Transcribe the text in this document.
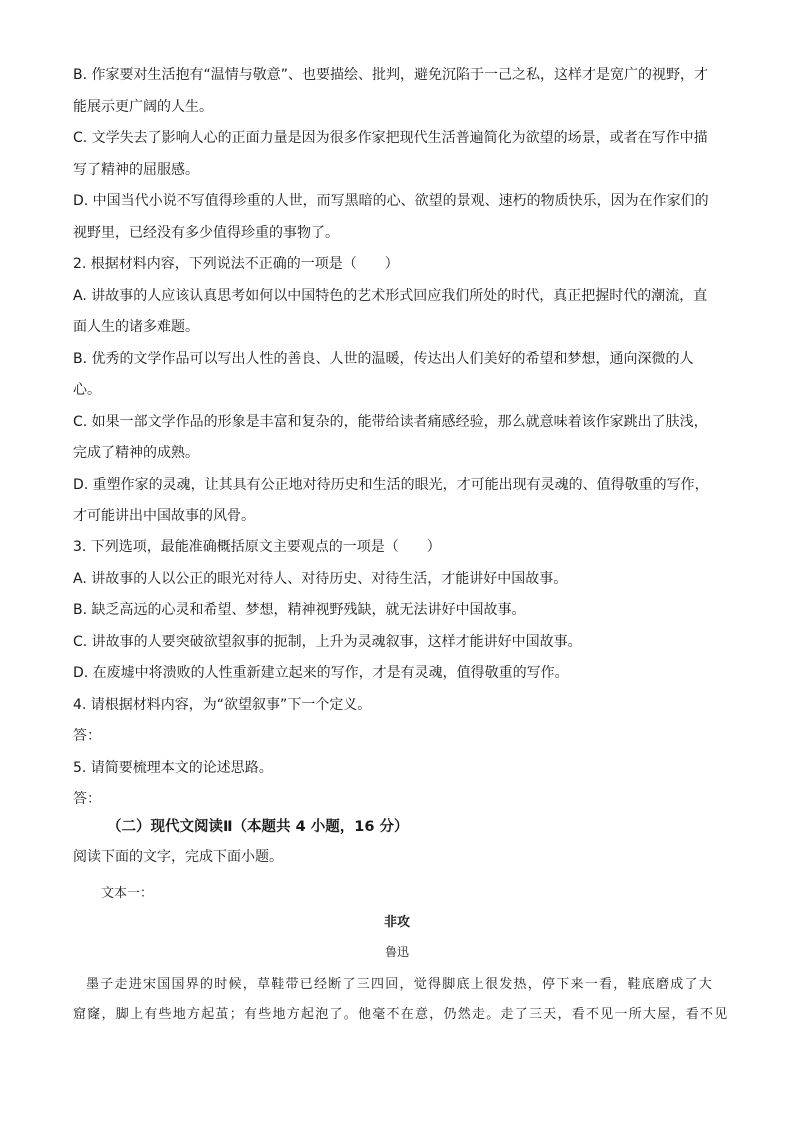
B. 作家要对生活抱有“温情与敬意”、也要描绘、批判，避免沉陷于一己之私，这样才是宽广的视野，才

能展示更广阔的人生。

C. 文学失去了影响人心的正面力量是因为很多作家把现代生活普遍简化为欲望的场景，或者在写作中描

写了精神的屈服感。

D. 中国当代小说不写值得珍重的人世，而写黑暗的心、欲望的景观、速朽的物质快乐，因为在作家们的

视野里，已经没有多少值得珍重的事物了。

2. 根据材料内容，下列说法不正确的一项是（　　）

A. 讲故事的人应该认真思考如何以中国特色的艺术形式回应我们所处的时代，真正把握时代的潮流，直

面人生的诸多难题。

B. 优秀的文学作品可以写出人性的善良、人世的温暖，传达出人们美好的希望和梦想，通向深微的人

心。

C. 如果一部文学作品的形象是丰富和复杂的，能带给读者痛感经验，那么就意味着该作家跳出了肤浅，

完成了精神的成熟。

D. 重塑作家的灵魂，让其具有公正地对待历史和生活的眼光，才可能出现有灵魂的、值得敬重的写作，

才可能讲出中国故事的风骨。

3. 下列选项，最能准确概括原文主要观点的一项是（　　）

A. 讲故事的人以公正的眼光对待人、对待历史、对待生活，才能讲好中国故事。

B. 缺乏高远的心灵和希望、梦想，精神视野残缺，就无法讲好中国故事。

C. 讲故事的人要突破欲望叙事的扼制，上升为灵魂叙事，这样才能讲好中国故事。

D. 在废墟中将溃败的人性重新建立起来的写作，才是有灵魂，值得敬重的写作。

4. 请根据材料内容，为“欲望叙事”下一个定义。

答：

5. 请简要梳理本文的论述思路。

答：

（二）现代文阅读Ⅱ（本题共 4 小题，16 分）

阅读下面的文字，完成下面小题。

文本一：
非攻
鲁迅
墨子走进宋国国界的时候，草鞋带已经断了三四回，觉得脚底上很发热，停下来一看，鞋底磨成了大
窟窿，脚上有些地方起茧；有些地方起泡了。他毫不在意，仍然走。走了三天，看不见一所大屋，看不见
